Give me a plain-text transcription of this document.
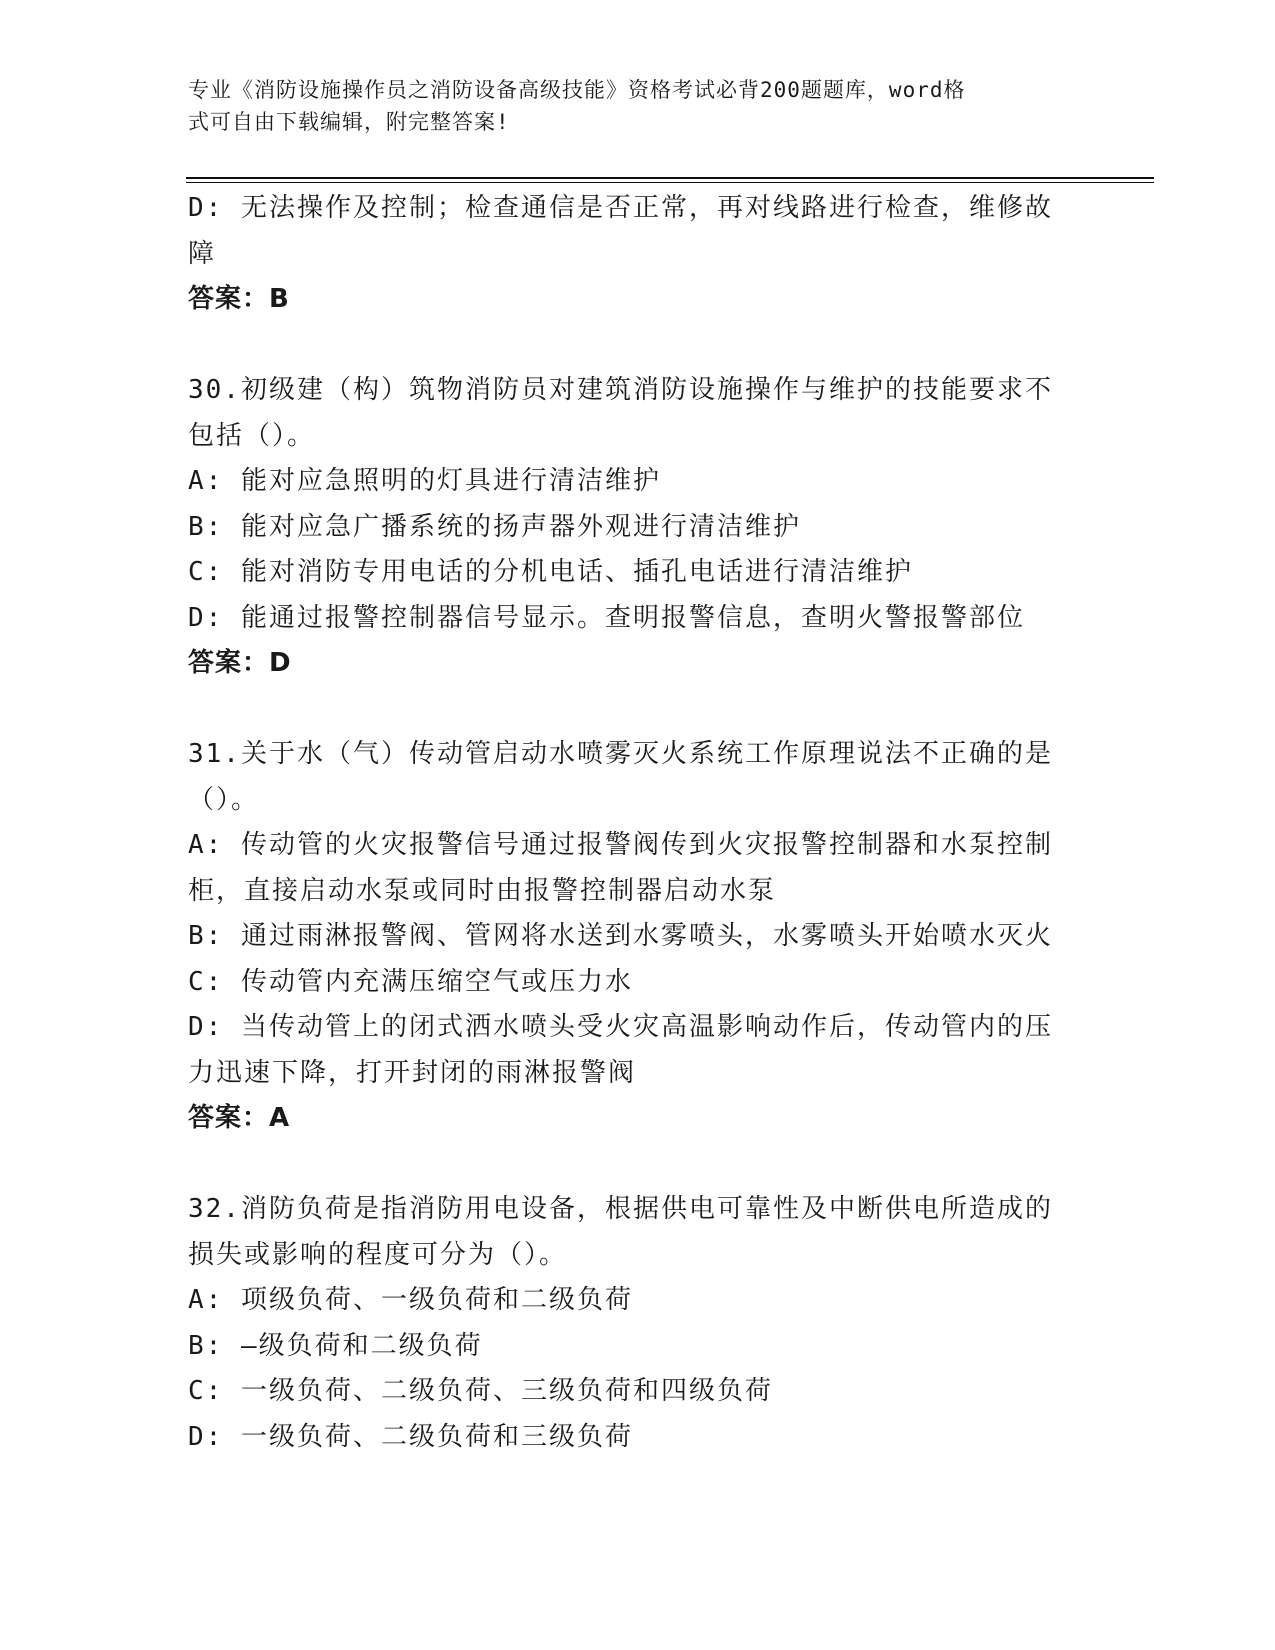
专业《消防设施操作员之消防设备高级技能》资格考试必背200题题库，word格
式可自由下载编辑，附完整答案!
D: 无法操作及控制；检查通信是否正常，再对线路进行检查，维修故
障
答案：B
30.初级建（构）筑物消防员对建筑消防设施操作与维护的技能要求不
包括（）。
A: 能对应急照明的灯具进行清洁维护
B: 能对应急广播系统的扬声器外观进行清洁维护
C: 能对消防专用电话的分机电话、插孔电话进行清洁维护
D: 能通过报警控制器信号显示。查明报警信息，查明火警报警部位
答案：D
31.关于水（气）传动管启动水喷雾灭火系统工作原理说法不正确的是
（）。
A: 传动管的火灾报警信号通过报警阀传到火灾报警控制器和水泵控制
柜，直接启动水泵或同时由报警控制器启动水泵
B: 通过雨淋报警阀、管网将水送到水雾喷头，水雾喷头开始喷水灭火
C: 传动管内充满压缩空气或压力水
D: 当传动管上的闭式洒水喷头受火灾高温影响动作后，传动管内的压
力迅速下降，打开封闭的雨淋报警阀
答案：A
32.消防负荷是指消防用电设备，根据供电可靠性及中断供电所造成的
损失或影响的程度可分为（）。
A: 项级负荷、一级负荷和二级负荷
B: —级负荷和二级负荷
C: 一级负荷、二级负荷、三级负荷和四级负荷
D: 一级负荷、二级负荷和三级负荷
